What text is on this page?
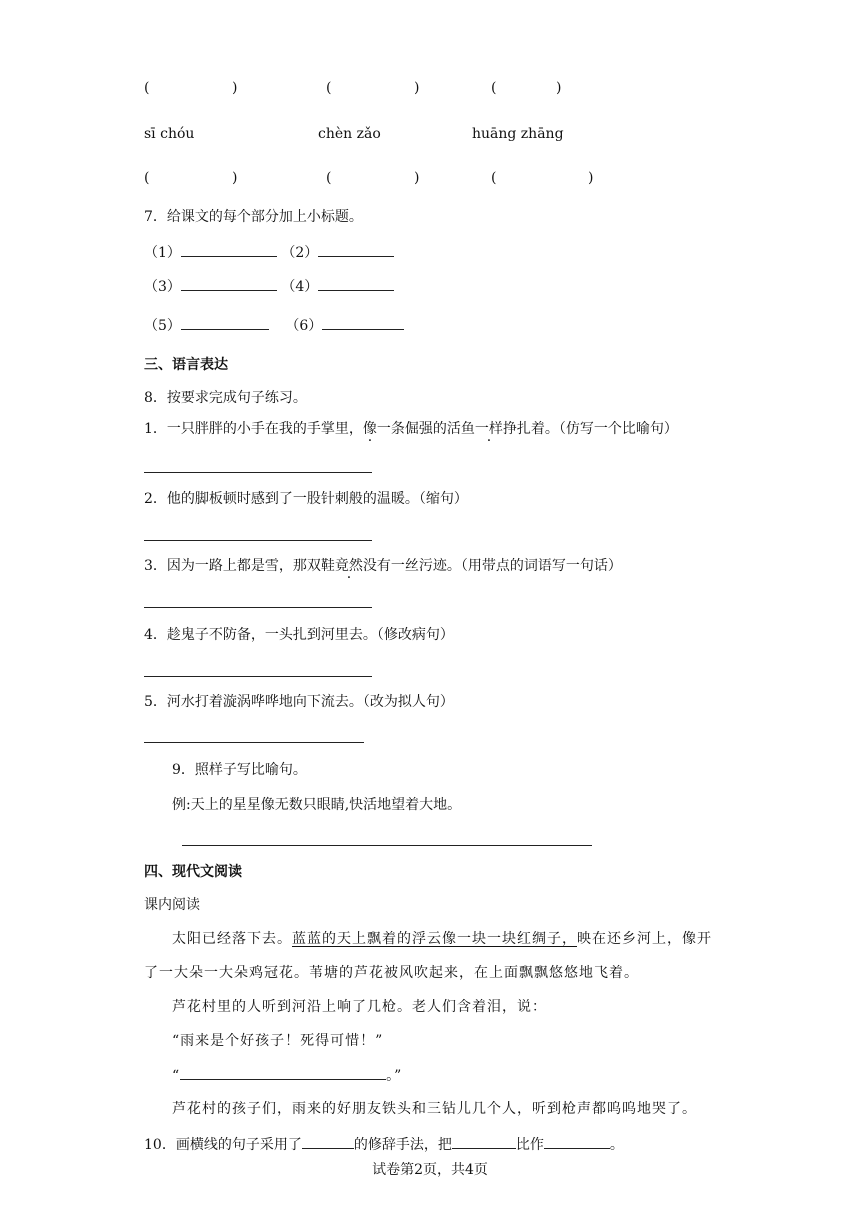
(	)	(	)	(	)
sī chóu	chèn zǎo	huāng zhāng
(	)	(	)	(	)
7．给课文的每个部分加上小标题。
（1）	（2）
（3）	（4）
（5）	（6）
三、语言表达
8．按要求完成句子练习。
1．一只胖胖的小手在我的手掌里，像一条倔强的活鱼一样挣扎着。（仿写一个比喻句）
2．他的脚板顿时感到了一股针刺般的温暖。（缩句）
3．因为一路上都是雪，那双鞋竟然没有一丝污迹。（用带点的词语写一句话）
4．趁鬼子不防备，一头扎到河里去。（修改病句）
5．河水打着漩涡哗哗地向下流去。（改为拟人句）
9．照样子写比喻句。
例:天上的星星像无数只眼睛,快活地望着大地。
四、现代文阅读
课内阅读
太阳已经落下去。蓝蓝的天上飘着的浮云像一块一块红绸子，映在还乡河上，像开
了一大朵一大朵鸡冠花。苇塘的芦花被风吹起来，在上面飘飘悠悠地飞着。
芦花村里的人听到河沿上响了几枪。老人们含着泪，说：
“雨来是个好孩子！死得可惜！”
“	。”
芦花村的孩子们，雨来的好朋友铁头和三钻儿几个人，听到枪声都呜呜地哭了。
10．画横线的句子采用了	的修辞手法，把	比作	。
试卷第2页，共4页
